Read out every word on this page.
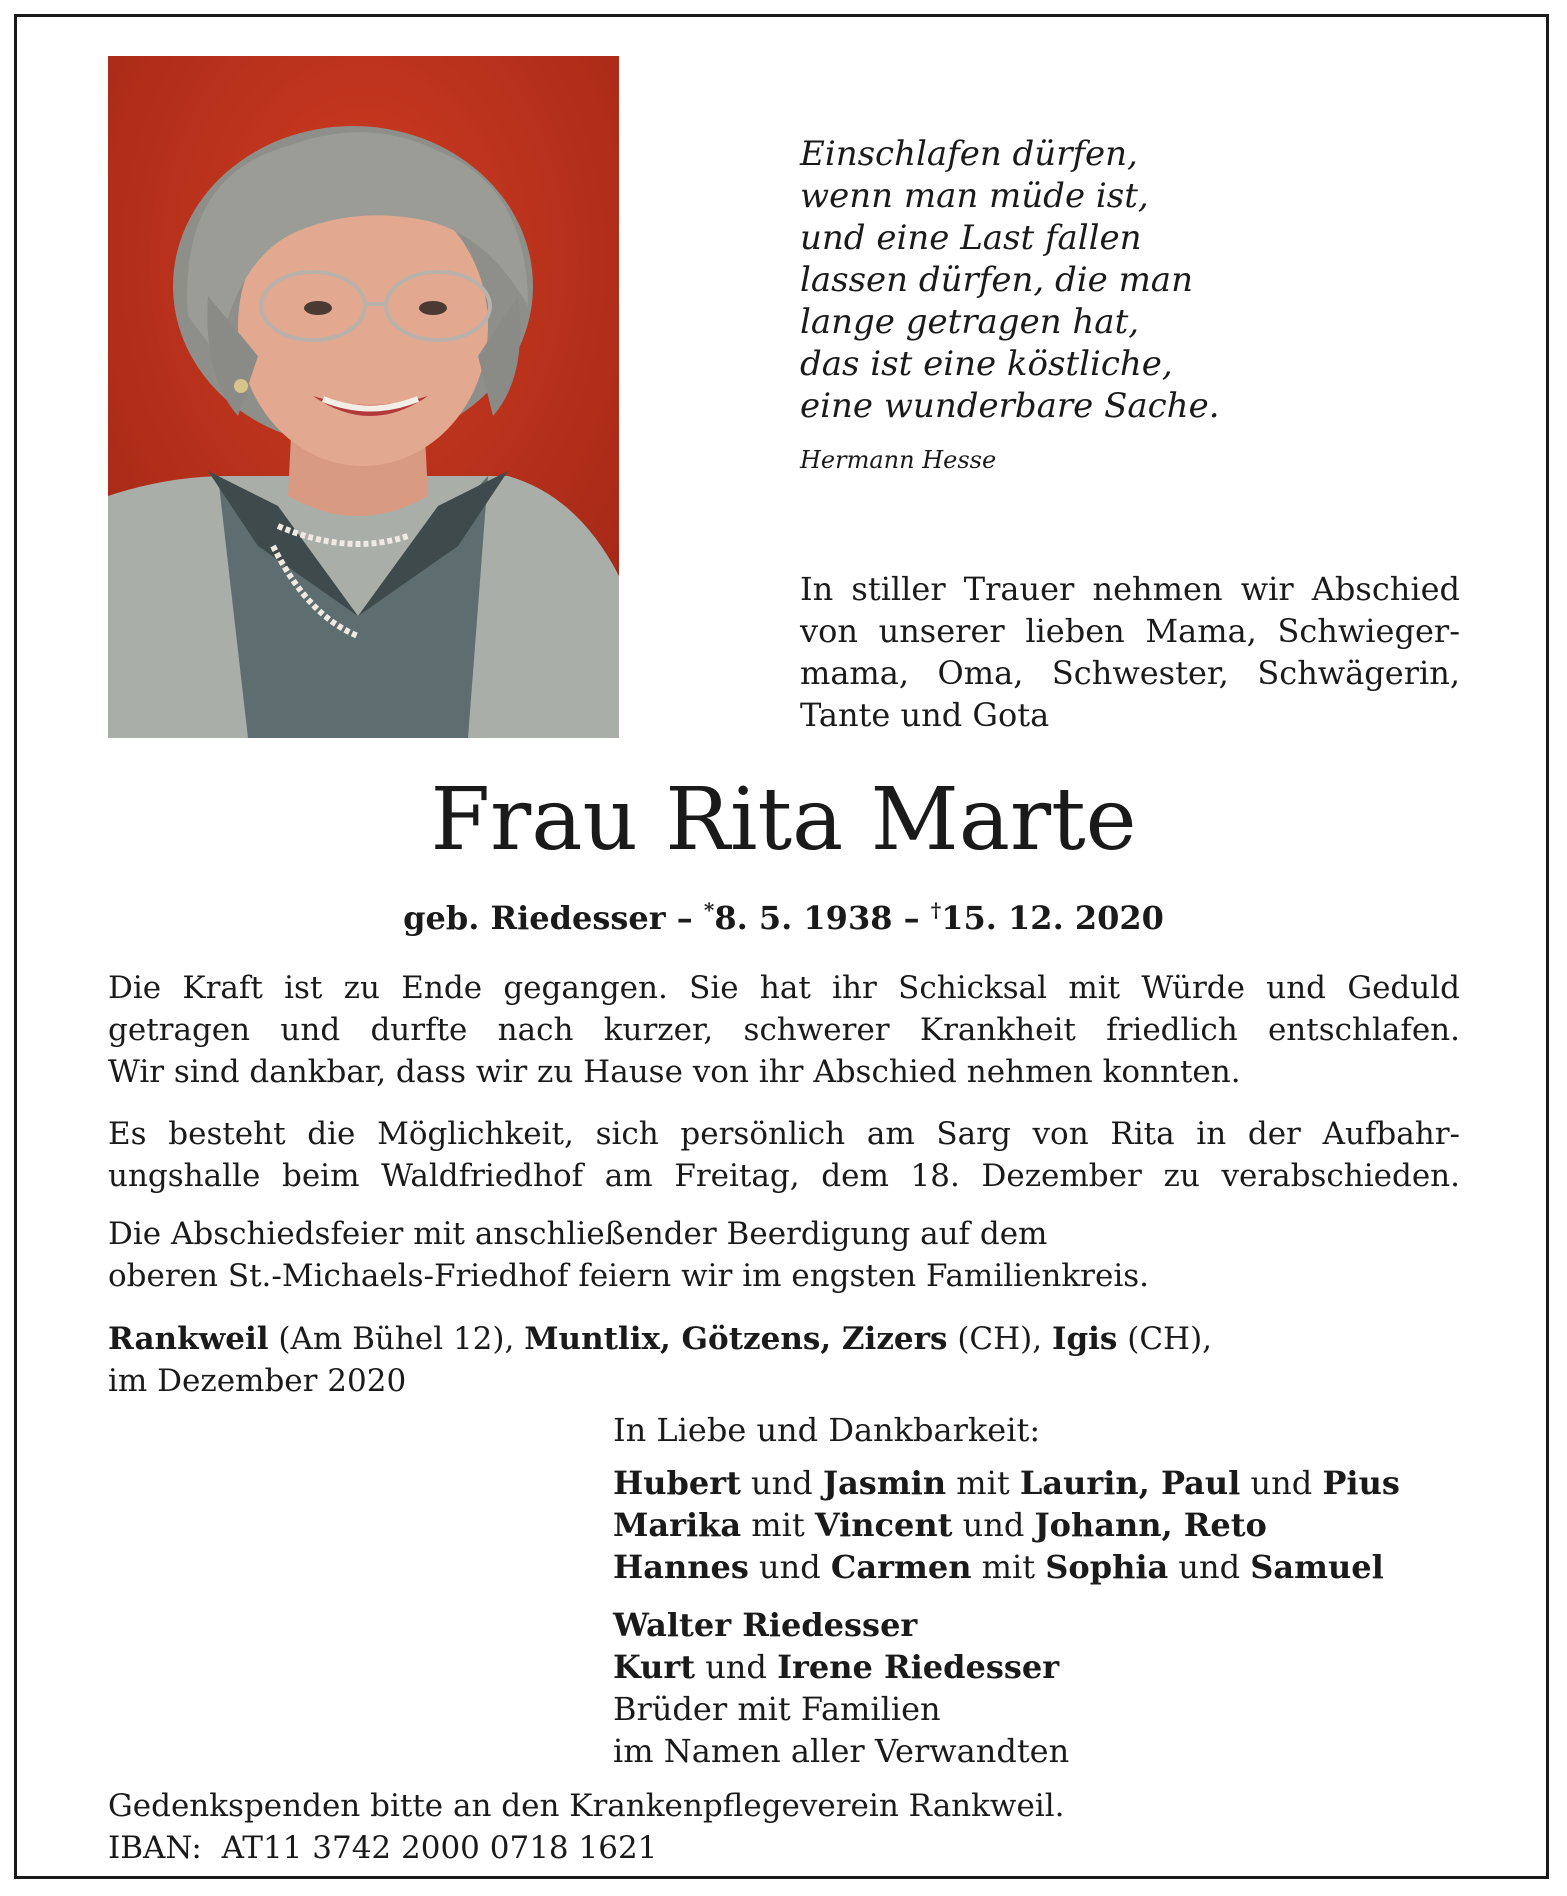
Einschlafen dürfen,
wenn man müde ist,
und eine Last fallen
lassen dürfen, die man
lange getragen hat,
das ist eine köstliche,
eine wunderbare Sache.
Hermann Hesse
In stiller Trauer nehmen wir Abschied
von unserer lieben Mama, Schwieger-
mama, Oma, Schwester, Schwägerin,
Tante und Gota
Frau Rita Marte
geb. Riedesser – *8. 5. 1938 – †15. 12. 2020
Die Kraft ist zu Ende gegangen. Sie hat ihr Schicksal mit Würde und Geduld
getragen und durfte nach kurzer, schwerer Krankheit friedlich entschlafen.
Wir sind dankbar, dass wir zu Hause von ihr Abschied nehmen konnten.
Es besteht die Möglichkeit, sich persönlich am Sarg von Rita in der Aufbahr-
ungshalle beim Waldfriedhof am Freitag, dem 18. Dezember zu verabschieden.
Die Abschiedsfeier mit anschließender Beerdigung auf dem
oberen St.-Michaels-Friedhof feiern wir im engsten Familienkreis.
Rankweil (Am Bühel 12), Muntlix, Götzens, Zizers (CH), Igis (CH),
im Dezember 2020
In Liebe und Dankbarkeit:
Hubert und Jasmin mit Laurin, Paul und Pius
Marika mit Vincent und Johann, Reto
Hannes und Carmen mit Sophia und Samuel
Walter Riedesser
Kurt und Irene Riedesser
Brüder mit Familien
im Namen aller Verwandten
Gedenkspenden bitte an den Krankenpflegeverein Rankweil.
IBAN:  AT11 3742 2000 0718 1621
